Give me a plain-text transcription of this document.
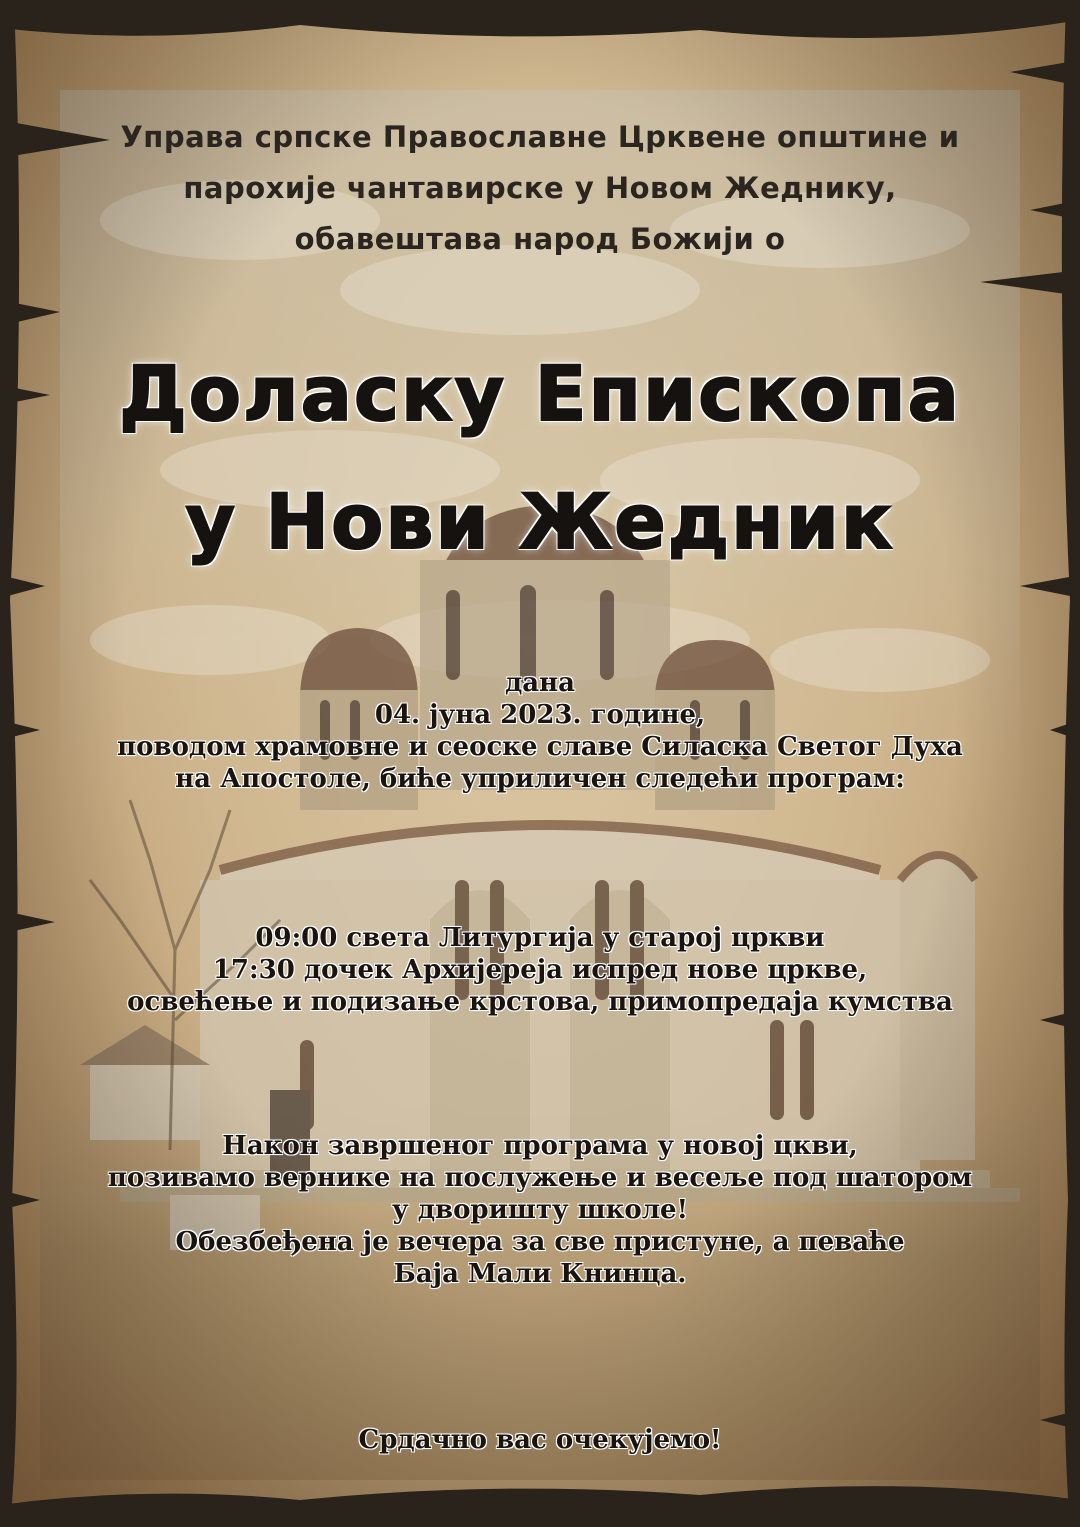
Управа српске Православне Црквене општине и

парохије чантавирске у Новом Жеднику,

обавештава народ Божији о

Доласку Епископа

у Нови Жедник

дана

04. јуна 2023. године,

поводом храмовне и сеоске славе Силаска Светог Духа

на Апостоле, биће уприличен следећи програм:

09:00 света Литургија у старој цркви

17:30 дочек Архијереја испред нове цркве,

освећење и подизање крстова, примопредаја кумства

Након завршеног програма у новој цкви,

позивамо вернике на послужење и весеље под шатором

у дворишту школе!

Обезбеђена је вечера за све пристуне, а певаће

Баја Мали Книнца.

Срдачно вас очекујемо!
